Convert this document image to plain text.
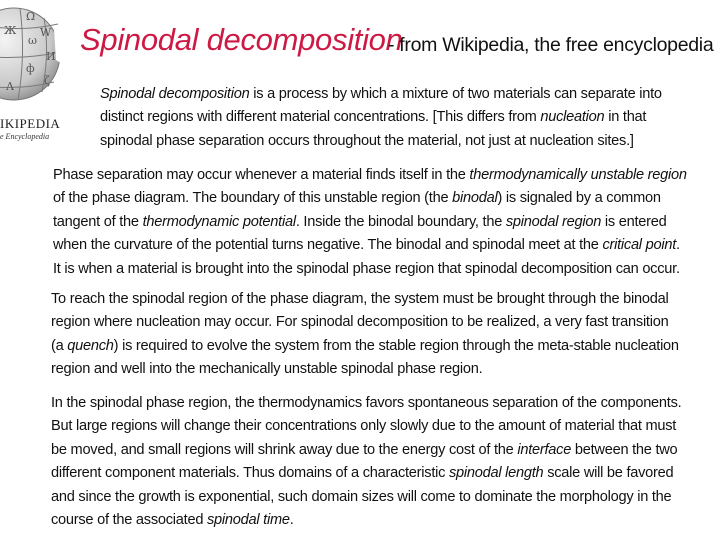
Ω
W
ω
И
ф
ζ
Ж
Λ
IKIPEDIA
e Encyclopedia
Spinodal decomposition
- from Wikipedia, the free encyclopedia
Spinodal decomposition is a process by which a mixture of two materials can separate into
distinct regions with different material concentrations. [This differs from nucleation in that
spinodal phase separation occurs throughout the material, not just at nucleation sites.]
Phase separation may occur whenever a material finds itself in the thermodynamically unstable region
of the phase diagram. The boundary of this unstable region (the binodal) is signaled by a common
tangent of the thermodynamic potential. Inside the binodal boundary, the spinodal region is entered
when the curvature of the potential turns negative. The binodal and spinodal meet at the critical point.
It is when a material is brought into the spinodal phase region that spinodal decomposition can occur.
To reach the spinodal region of the phase diagram, the system must be brought through the binodal
region where nucleation may occur. For spinodal decomposition to be realized, a very fast transition
(a quench) is required to evolve the system from the stable region through the meta-stable nucleation
region and well into the mechanically unstable spinodal phase region.
In the spinodal phase region, the thermodynamics favors spontaneous separation of the components.
But large regions will change their concentrations only slowly due to the amount of material that must
be moved, and small regions will shrink away due to the energy cost of the interface between the two
different component materials. Thus domains of a characteristic spinodal length scale will be favored
and since the growth is exponential, such domain sizes will come to dominate the morphology in the
course of the associated spinodal time.
